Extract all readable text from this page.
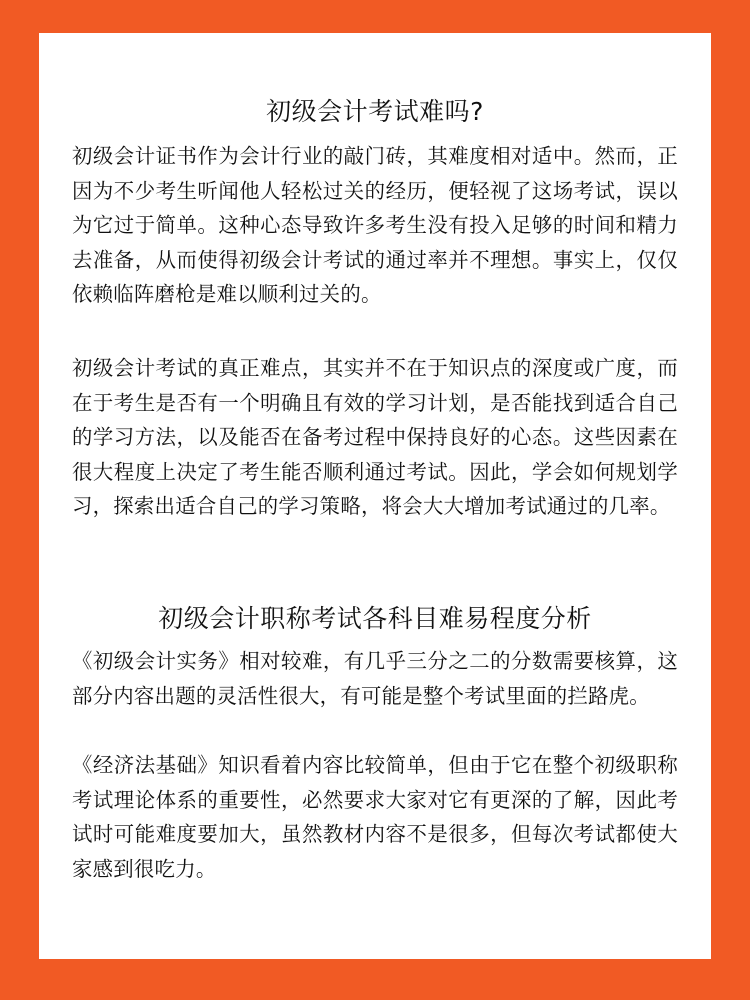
初级会计考试难吗?

初级会计证书作为会计行业的敲门砖，其难度相对适中。然而，正因为不少考生听闻他人轻松过关的经历，便轻视了这场考试，误以为它过于简单。这种心态导致许多考生没有投入足够的时间和精力去准备，从而使得初级会计考试的通过率并不理想。事实上，仅仅依赖临阵磨枪是难以顺利过关的。

初级会计考试的真正难点，其实并不在于知识点的深度或广度，而在于考生是否有一个明确且有效的学习计划，是否能找到适合自己的学习方法，以及能否在备考过程中保持良好的心态。这些因素在很大程度上决定了考生能否顺利通过考试。因此，学会如何规划学习，探索出适合自己的学习策略，将会大大增加考试通过的几率。

初级会计职称考试各科目难易程度分析

《初级会计实务》相对较难，有几乎三分之二的分数需要核算，这部分内容出题的灵活性很大，有可能是整个考试里面的拦路虎。

《经济法基础》知识看着内容比较简单，但由于它在整个初级职称考试理论体系的重要性，必然要求大家对它有更深的了解，因此考试时可能难度要加大，虽然教材内容不是很多，但每次考试都使大家感到很吃力。
